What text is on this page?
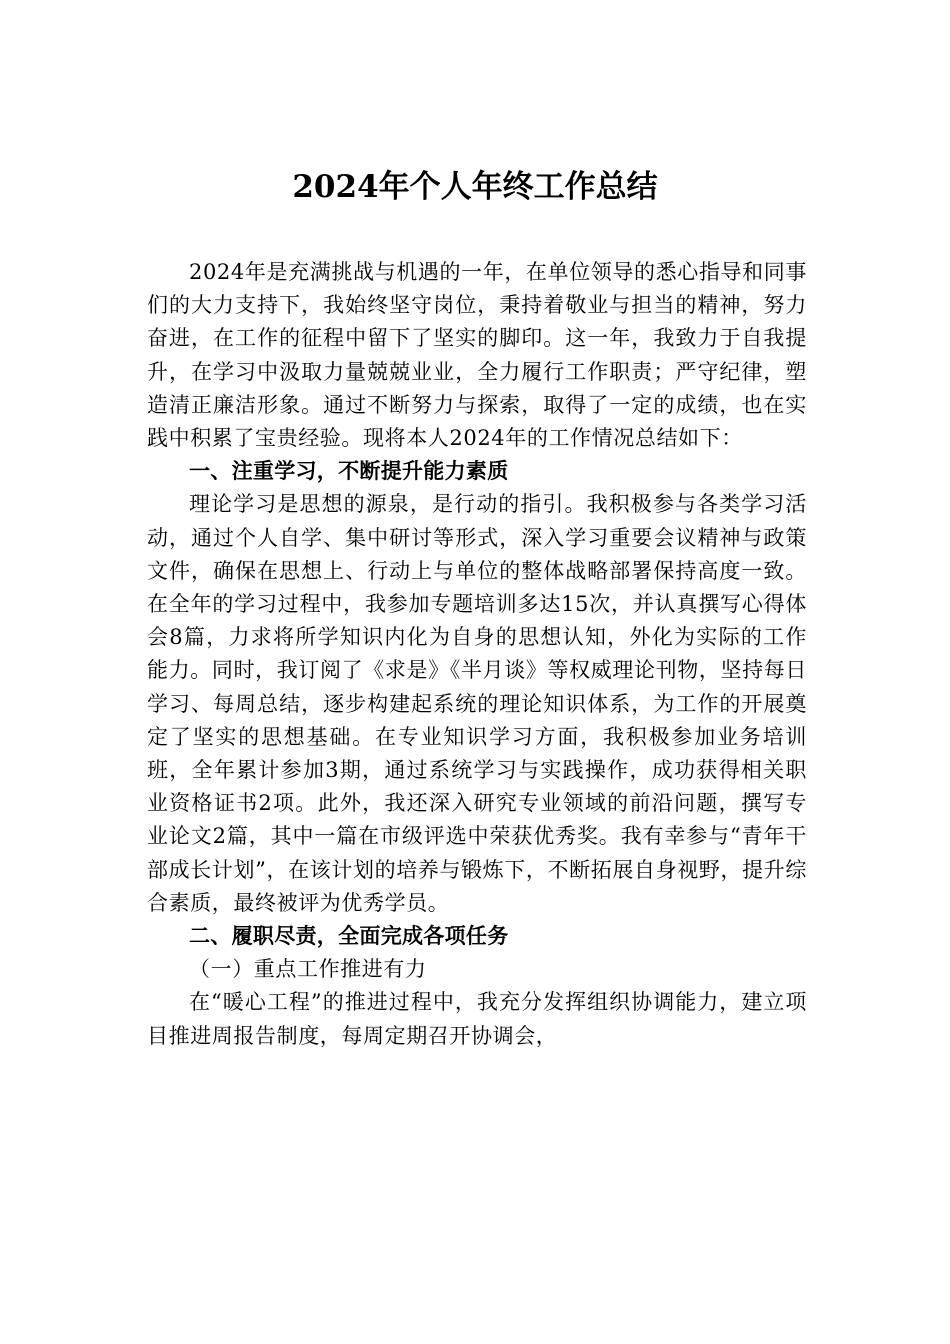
2024年个人年终工作总结

2024年是充满挑战与机遇的一年，在单位领导的悉心指导和同事们的大力支持下，我始终坚守岗位，秉持着敬业与担当的精神，努力奋进，在工作的征程中留下了坚实的脚印。这一年，我致力于自我提升，在学习中汲取力量兢兢业业，全力履行工作职责；严守纪律，塑造清正廉洁形象。通过不断努力与探索，取得了一定的成绩，也在实践中积累了宝贵经验。现将本人2024年的工作情况总结如下：

一、注重学习，不断提升能力素质

理论学习是思想的源泉，是行动的指引。我积极参与各类学习活动，通过个人自学、集中研讨等形式，深入学习重要会议精神与政策文件，确保在思想上、行动上与单位的整体战略部署保持高度一致。在全年的学习过程中，我参加专题培训多达15次，并认真撰写心得体会8篇，力求将所学知识内化为自身的思想认知，外化为实际的工作能力。同时，我订阅了《求是》《半月谈》等权威理论刊物，坚持每日学习、每周总结，逐步构建起系统的理论知识体系，为工作的开展奠定了坚实的思想基础。在专业知识学习方面，我积极参加业务培训班，全年累计参加3期，通过系统学习与实践操作，成功获得相关职业资格证书2项。此外，我还深入研究专业领域的前沿问题，撰写专业论文2篇，其中一篇在市级评选中荣获优秀奖。我有幸参与“青年干部成长计划”，在该计划的培养与锻炼下，不断拓展自身视野，提升综合素质，最终被评为优秀学员。

二、履职尽责，全面完成各项任务

（一）重点工作推进有力

在“暖心工程”的推进过程中，我充分发挥组织协调能力，建立项目推进周报告制度，每周定期召开协调会，
